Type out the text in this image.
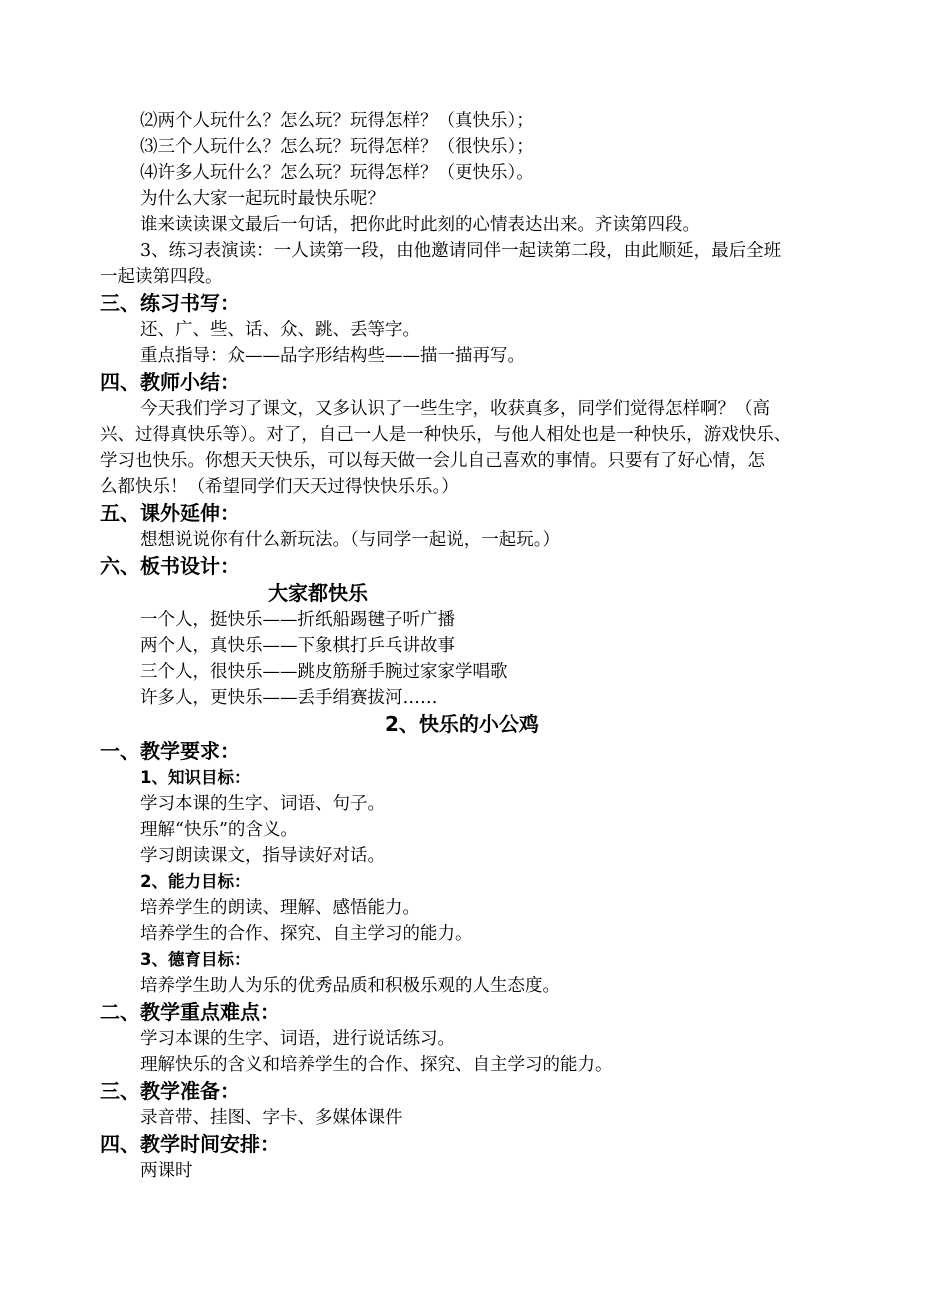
⑵两个人玩什么？怎么玩？玩得怎样？（真快乐）；
⑶三个人玩什么？怎么玩？玩得怎样？（很快乐）；
⑷许多人玩什么？怎么玩？玩得怎样？（更快乐）。
为什么大家一起玩时最快乐呢？
谁来读读课文最后一句话，把你此时此刻的心情表达出来。齐读第四段。
3、练习表演读：一人读第一段，由他邀请同伴一起读第二段，由此顺延，最后全班
一起读第四段。
三、练习书写：
还、广、些、话、众、跳、丢等字。
重点指导：众——品字形结构些——描一描再写。
四、教师小结：
今天我们学习了课文，又多认识了一些生字，收获真多，同学们觉得怎样啊？（高
兴、过得真快乐等）。对了，自己一人是一种快乐，与他人相处也是一种快乐，游戏快乐、
学习也快乐。你想天天快乐，可以每天做一会儿自己喜欢的事情。只要有了好心情，怎
么都快乐！（希望同学们天天过得快快乐乐。）
五、课外延伸：
想想说说你有什么新玩法。（与同学一起说，一起玩。）
六、板书设计：
大家都快乐
一个人，挺快乐——折纸船踢毽子听广播
两个人，真快乐——下象棋打乒乓讲故事
三个人，很快乐——跳皮筋掰手腕过家家学唱歌
许多人，更快乐——丢手绢赛拔河……
2、快乐的小公鸡
一、教学要求：
1、知识目标：
学习本课的生字、词语、句子。
理解“快乐”的含义。
学习朗读课文，指导读好对话。
2、能力目标：
培养学生的朗读、理解、感悟能力。
培养学生的合作、探究、自主学习的能力。
3、德育目标：
培养学生助人为乐的优秀品质和积极乐观的人生态度。
二、教学重点难点：
学习本课的生字、词语，进行说话练习。
理解快乐的含义和培养学生的合作、探究、自主学习的能力。
三、教学准备：
录音带、挂图、字卡、多媒体课件
四、教学时间安排：
两课时
